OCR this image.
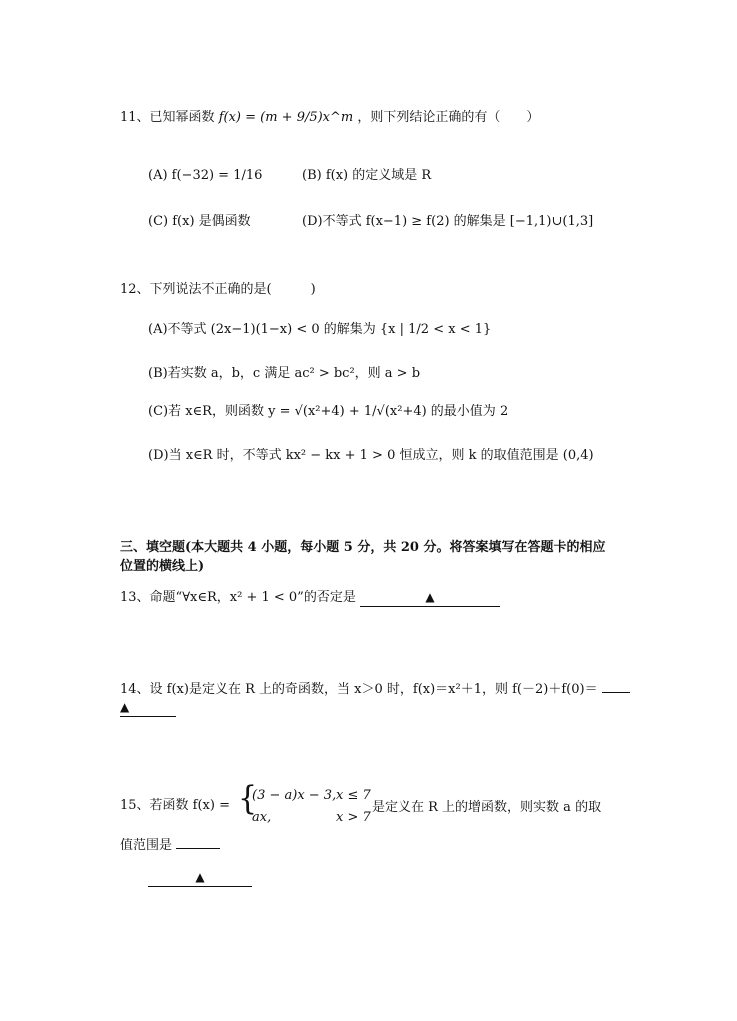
11、已知幂函数 f(x) = (m + 9/5)x^m ，则下列结论正确的有（　　）
(A) f(−32) = 1/16	(B) f(x) 的定义域是 R
(C) f(x) 是偶函数	(D)不等式 f(x−1) ≥ f(2) 的解集是 [−1,1)∪(1,3]
12、下列说法不正确的是(　　　)
(A)不等式 (2x−1)(1−x) < 0 的解集为 {x | 1/2 < x < 1}
(B)若实数 a，b，c 满足 ac² > bc²，则 a > b
(C)若 x∈R，则函数 y = √(x²+4) + 1/√(x²+4) 的最小值为 2
(D)当 x∈R 时，不等式 kx² − kx + 1 > 0 恒成立，则 k 的取值范围是 (0,4)
三、填空题(本大题共 4 小题，每小题 5 分，共 20 分。将答案填写在答题卡的相应
位置的横线上)
13、命题“∀x∈R，x² + 1 < 0”的否定是	▲
14、设 f(x)是定义在 R 上的奇函数，当 x＞0 时，f(x)＝x²＋1，则 f(－2)＋f(0)＝
▲
15、若函数 f(x) = {
(3 − a)x − 3, x ≤ 7
ax,	x > 7
是定义在 R 上的增函数，则实数 a 的取
值范围是
▲
